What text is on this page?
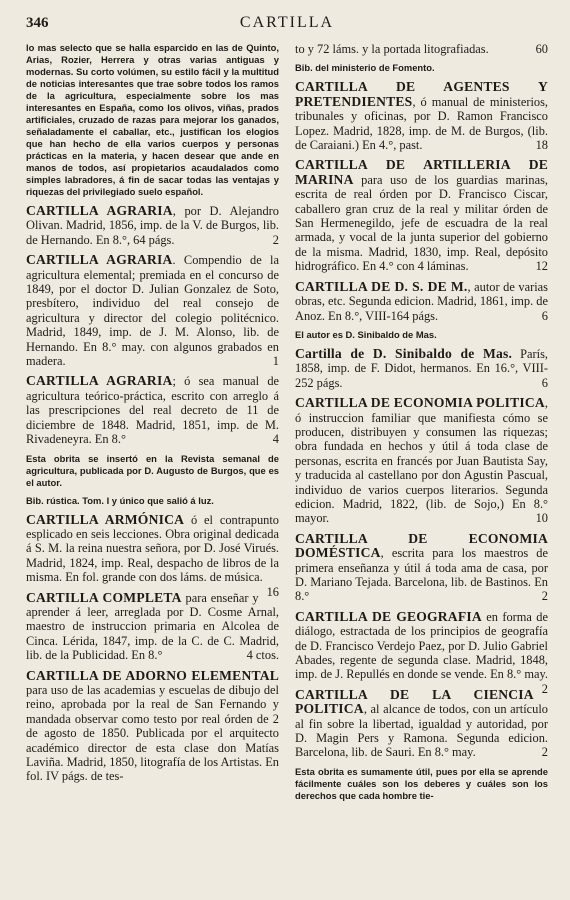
346	CARTILLA
lo mas selecto que se halla esparcido en las de Quinto, Arias, Rozier, Herrera y otras varias antiguas y modernas. Su corto volúmen, su estilo fácil y la multitud de noticias interesantes que trae sobre todos los ramos de la agricultura, especialmente sobre los mas interesantes en España, como los olivos, viñas, prados artificiales, cruzado de razas para mejorar los ganados, señaladamente el caballar, etc., justifican los elogios que han hecho de ella varios cuerpos y personas prácticas en la materia, y hacen desear que ande en manos de todos, así propietarios acaudalados como simples labradores, á fin de sacar todas las ventajas y riquezas del privilegiado suelo español.
CARTILLA AGRARIA, por D. Alejandro Olivan. Madrid, 1856, imp. de la V. de Burgos, lib. de Hernando. En 8.°, 64 págs.	2
CARTILLA AGRARIA. Compendio de la agricultura elemental; premiada en el concurso de 1849, por el doctor D. Julian Gonzalez de Soto, presbítero, individuo del real consejo de agricultura y director del colegio politécnico. Madrid, 1849, imp. de J. M. Alonso, lib. de Hernando. En 8.° may. con algunos grabados en madera.	1
CARTILLA AGRARIA; ó sea manual de agricultura teórico-práctica, escrito con arreglo á las prescripciones del real decreto de 11 de diciembre de 1848. Madrid, 1851, imp. de M. Rivadeneyra. En 8.°	4
Esta obrita se insertó en la Revista semanal de agricultura, publicada por D. Augusto de Burgos, que es el autor.
Bib. rústica. Tom. I y único que salió á luz.
CARTILLA ARMÓNICA ó el contrapunto esplicado en seis lecciones. Obra original dedicada á S. M. la reina nuestra señora, por D. José Virués. Madrid, 1824, imp. Real, despacho de libros de la misma. En fol. grande con dos láms. de música.
16
CARTILLA COMPLETA para enseñar y aprender á leer, arreglada por D. Cosme Arnal, maestro de instruccion primaria en Alcolea de Cinca. Lérida, 1847, imp. de la C. de C. Madrid, lib. de la Publicidad. En 8.°	4 ctos.
CARTILLA DE ADORNO ELEMENTAL para uso de las academias y escuelas de dibujo del reino, aprobada por la real de San Fernando y mandada observar como testo por real órden de 2 de agosto de 1850. Publicada por el arquitecto académico director de esta clase don Matías Laviña. Madrid, 1850, litografía de los Artistas. En fol. IV págs. de tes-
to y 72 láms. y la portada litografiadas.	60
Bib. del ministerio de Fomento.
CARTILLA DE AGENTES Y PRETENDIENTES, ó manual de ministerios, tribunales y oficinas, por D. Ramon Francisco Lopez. Madrid, 1828, imp. de M. de Burgos, (lib. de Caraiani.) En 4.°, past.	18
CARTILLA DE ARTILLERIA DE MARINA para uso de los guardias marinas, escrita de real órden por D. Francisco Ciscar, caballero gran cruz de la real y militar órden de San Hermenegildo, jefe de escuadra de la real armada, y vocal de la junta superior del gobierno de la misma. Madrid, 1830, imp. Real, depósito hidrográfico. En 4.° con 4 láminas.	12
CARTILLA DE D. S. DE M., autor de varias obras, etc. Segunda edicion. Madrid, 1861, imp. de Anoz. En 8.°, VIII-164 págs.	6
El autor es D. Sinibaldo de Mas.
Cartilla de D. Sinibaldo de Mas. París, 1858, imp. de F. Didot, hermanos. En 16.°, VIII-252 págs.	6
CARTILLA DE ECONOMIA POLITICA, ó instruccion familiar que manifiesta cómo se producen, distribuyen y consumen las riquezas; obra fundada en hechos y útil á toda clase de personas, escrita en francés por Juan Bautista Say, y traducida al castellano por don Agustin Pascual, individuo de varios cuerpos literarios. Segunda edicion. Madrid, 1822, (lib. de Sojo,) En 8.° mayor.	10
CARTILLA DE ECONOMIA DOMÉSTICA, escrita para los maestros de primera enseñanza y útil á toda ama de casa, por D. Mariano Tejada. Barcelona, lib. de Bastinos. En 8.°	2
CARTILLA DE GEOGRAFIA en forma de diálogo, estractada de los principios de geografía de D. Francisco Verdejo Paez, por D. Julio Gabriel Abades, regente de segunda clase. Madrid, 1848, imp. de J. Repullés en donde se vende. En 8.° may.
2
CARTILLA DE LA CIENCIA POLITICA, al alcance de todos, con un artículo al fin sobre la libertad, igualdad y autoridad, por D. Magin Pers y Ramona. Segunda edicion. Barcelona, lib. de Sauri. En 8.° may.	2
Esta obrita es sumamente útil, pues por ella se aprende fácilmente cuáles son los deberes y cuáles son los derechos que cada hombre tie-
